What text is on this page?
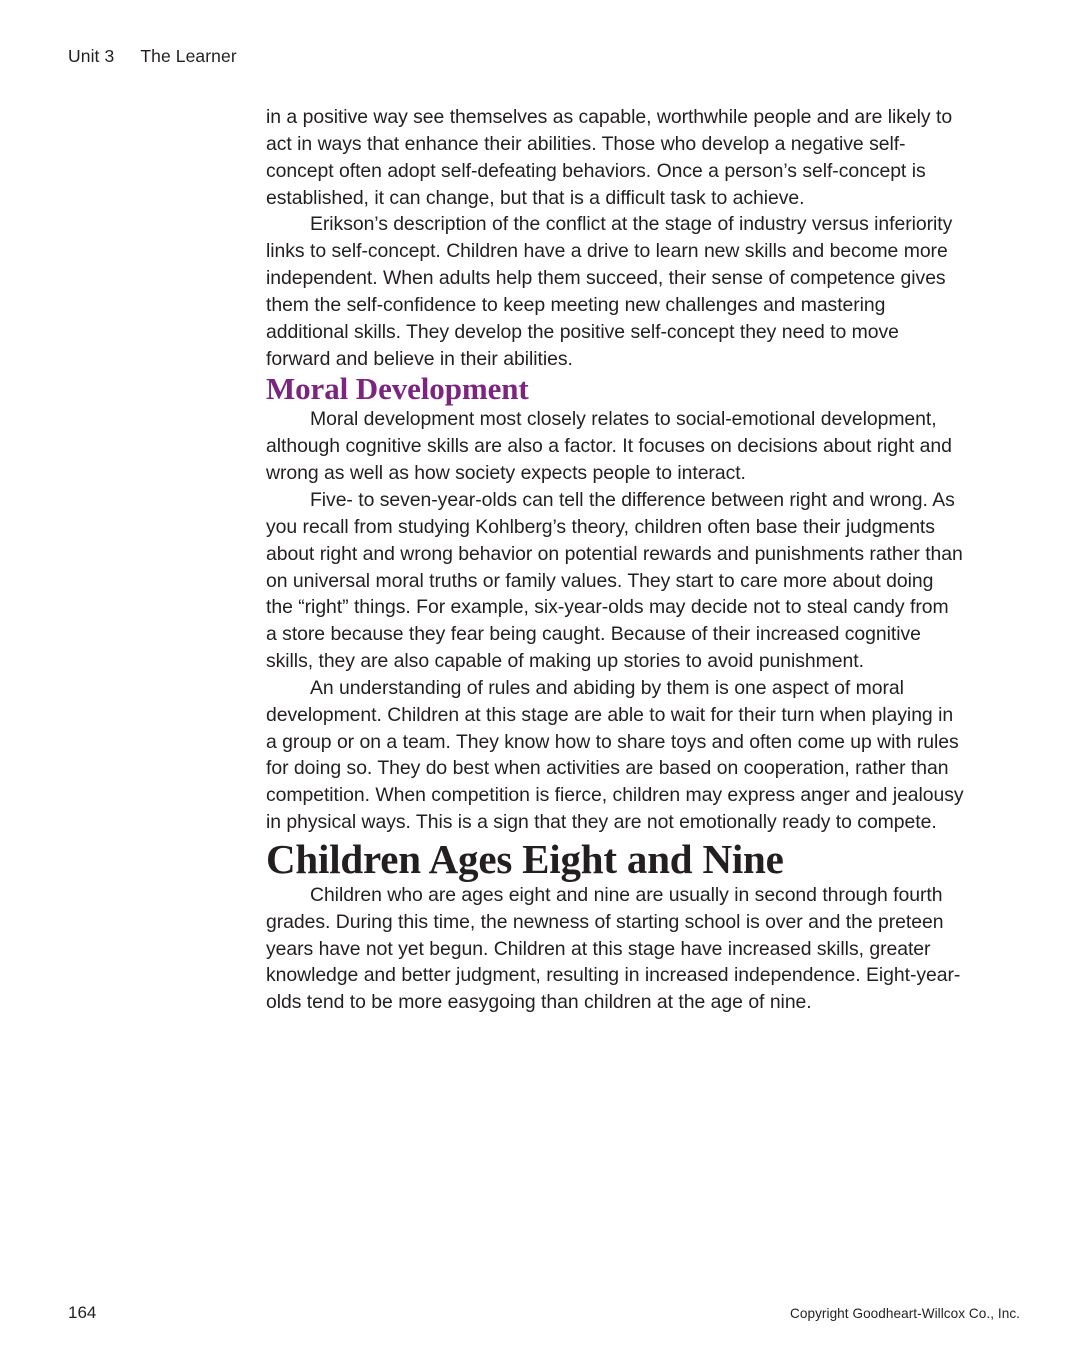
Unit 3 The Learner

in a positive way see themselves as capable, worthwhile people and are likely to act in ways that enhance their abilities. Those who develop a negative self-concept often adopt self-defeating behaviors. Once a person’s self-concept is established, it can change, but that is a difficult task to achieve.

Erikson’s description of the conflict at the stage of industry versus inferiority links to self-concept. Children have a drive to learn new skills and become more independent. When adults help them succeed, their sense of competence gives them the self-confidence to keep meeting new challenges and mastering additional skills. They develop the positive self-concept they need to move forward and believe in their abilities.

Moral Development

Moral development most closely relates to social-emotional development, although cognitive skills are also a factor. It focuses on decisions about right and wrong as well as how society expects people to interact.

Five- to seven-year-olds can tell the difference between right and wrong. As you recall from studying Kohlberg’s theory, children often base their judgments about right and wrong behavior on potential rewards and punishments rather than on universal moral truths or family values. They start to care more about doing the “right” things. For example, six-year-olds may decide not to steal candy from a store because they fear being caught. Because of their increased cognitive skills, they are also capable of making up stories to avoid punishment.

An understanding of rules and abiding by them is one aspect of moral development. Children at this stage are able to wait for their turn when playing in a group or on a team. They know how to share toys and often come up with rules for doing so. They do best when activities are based on cooperation, rather than competition. When competition is fierce, children may express anger and jealousy in physical ways. This is a sign that they are not emotionally ready to compete.

Children Ages Eight and Nine

Children who are ages eight and nine are usually in second through fourth grades. During this time, the newness of starting school is over and the preteen years have not yet begun. Children at this stage have increased skills, greater knowledge and better judgment, resulting in increased independence. Eight-year-olds tend to be more easygoing than children at the age of nine.

164	Copyright Goodheart-Willcox Co., Inc.
